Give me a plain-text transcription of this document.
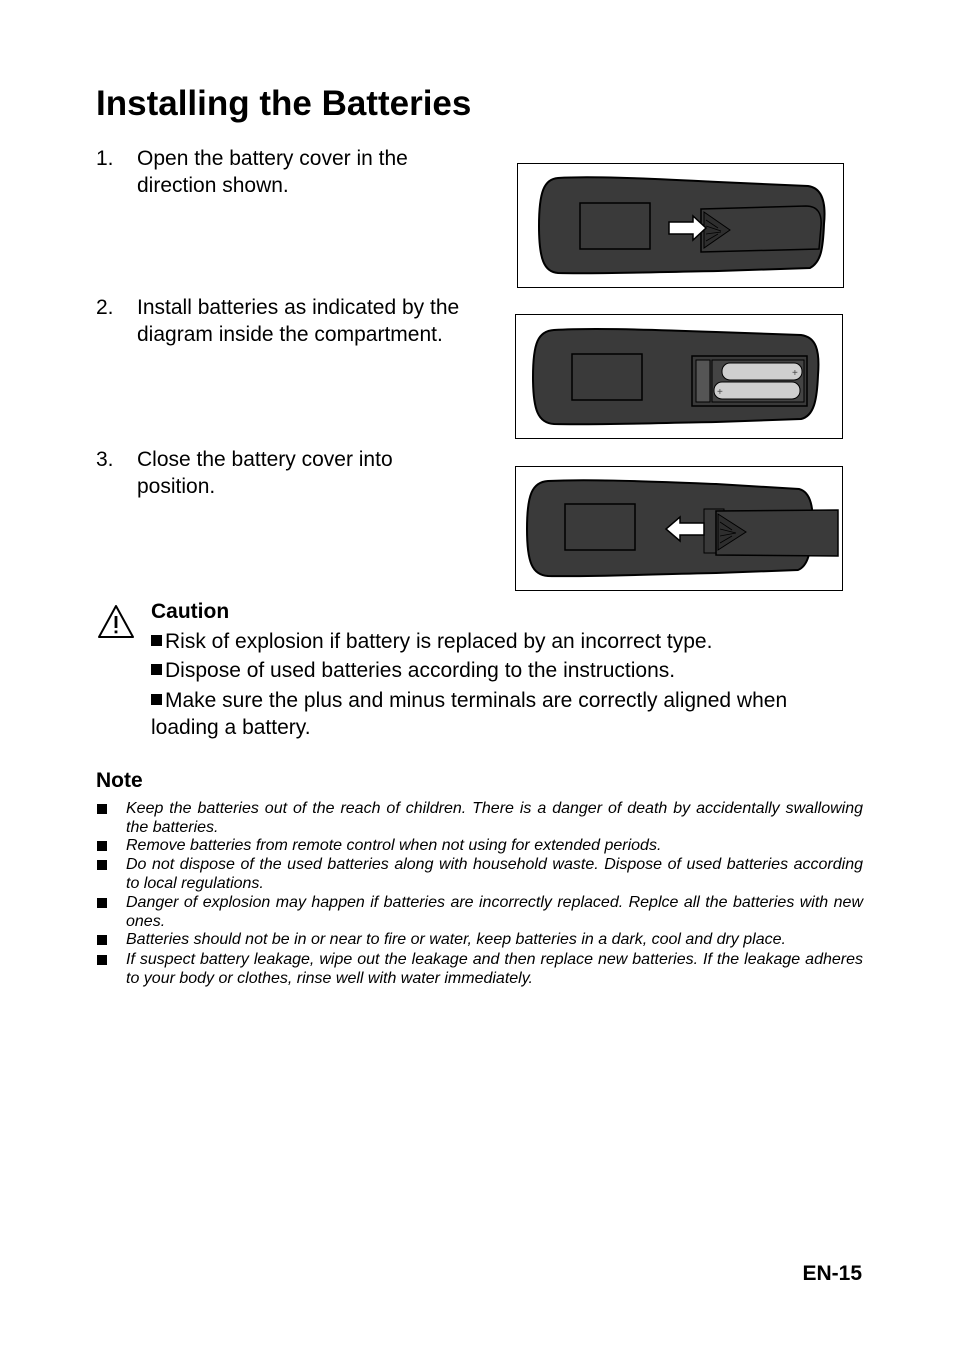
Installing the Batteries
1.	Open the battery cover in the
direction shown.
2.	Install batteries as indicated by the
diagram inside the compartment.
3.	Close the battery cover into
position.
+
+
Caution
Risk of explosion if battery is replaced by an incorrect type.
Dispose of used batteries according to the instructions.
Make sure the plus and minus terminals are correctly aligned when
loading a battery.
Note
Keep the batteries out of the reach of children. There is a danger of death by accidentally swallowing the batteries.
Remove batteries from remote control when not using for extended periods.
Do not dispose of the used batteries along with household waste. Dispose of used batteries according to local regulations.
Danger of explosion may happen if batteries are incorrectly replaced. Replce all the batteries with new ones.
Batteries should not be in or near to fire or water, keep batteries in a dark, cool and dry place.
If suspect battery leakage, wipe out the leakage and then replace new batteries. If the leakage adheres to your body or clothes, rinse well with water immediately.
EN-15
